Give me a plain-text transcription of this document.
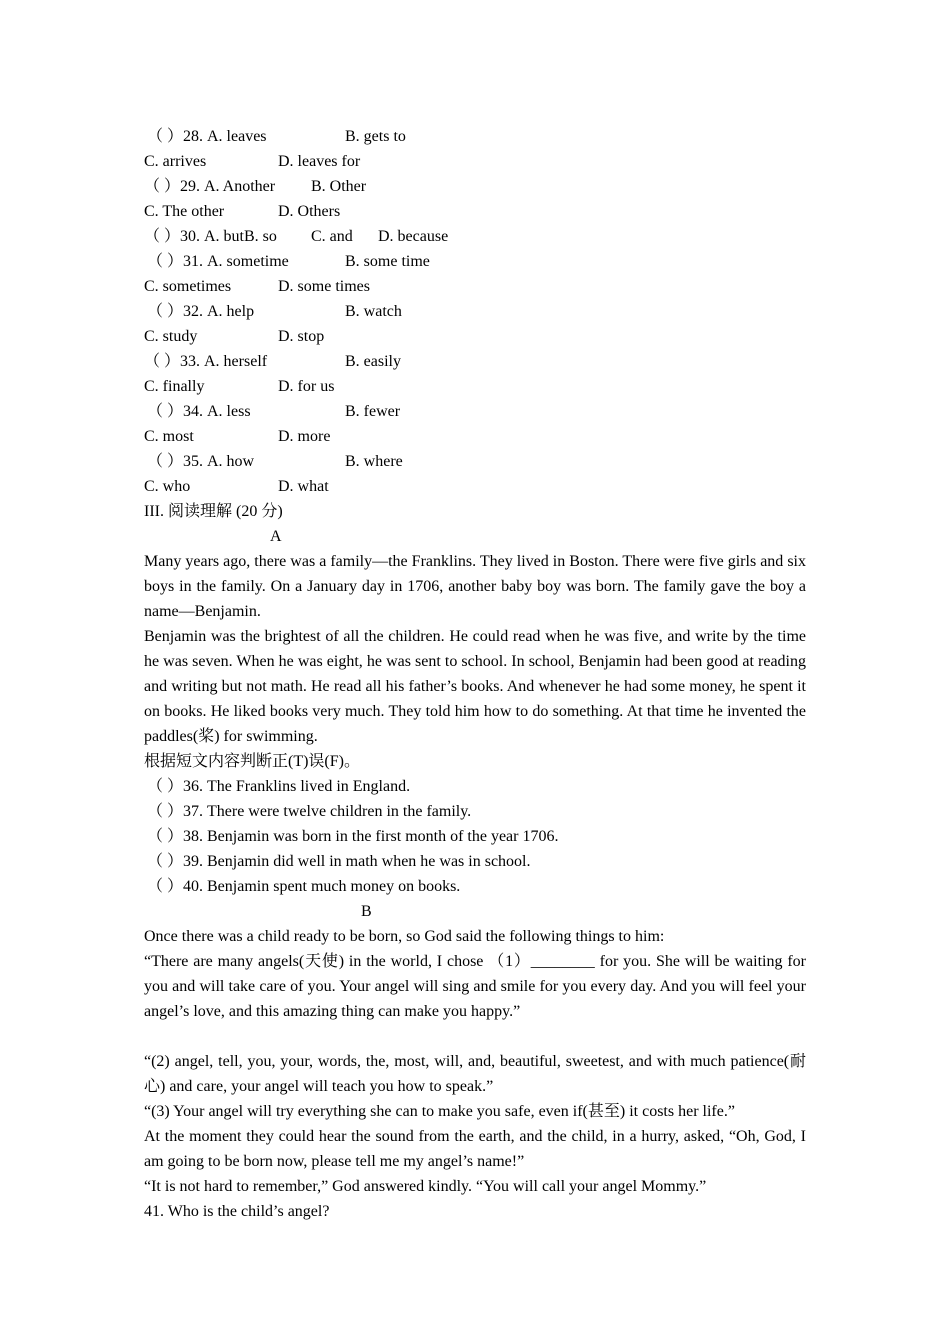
（ ）28. A. leaves	B. gets to
C. arrives	D. leaves for
（ ）29. A. Another B. Other
C. The other	D. Others
（ ）30. A. but B. so C. and D. because
（ ）31. A. sometime	B. some time
C. sometimes	D. some times
（ ）32. A. help	B. watch
C. study	D. stop
（ ）33. A. herself	B. easily
C. finally	D. for us
（ ）34. A. less	B. fewer
C. most	D. more
（ ）35. A. how	B. where
C. who	D. what
III. 阅读理解 (20 分)
A
Many years ago, there was a family—the Franklins. They lived in Boston. There were five girls and six boys in the family. On a January day in 1706, another baby boy was born. The family gave the boy a name—Benjamin.
Benjamin was the brightest of all the children. He could read when he was five, and write by the time he was seven. When he was eight, he was sent to school. In school, Benjamin had been good at reading and writing but not math. He read all his father’s books. And whenever he had some money, he spent it on books. He liked books very much. They told him how to do something. At that time he invented the paddles(桨) for swimming.
根据短文内容判断正(T)误(F)。
（ ）36. The Franklins lived in England.
（ ）37. There were twelve children in the family.
（ ）38. Benjamin was born in the first month of the year 1706.
（ ）39. Benjamin did well in math when he was in school.
（ ）40. Benjamin spent much money on books.
B
Once there was a child ready to be born, so God said the following things to him:
“There are many angels(天使) in the world, I chose （1）________ for you. She will be waiting for you and will take care of you. Your angel will sing and smile for you every day. And you will feel your angel’s love, and this amazing thing can make you happy.”
“(2) angel, tell, you, your, words, the, most, will, and, beautiful, sweetest, and with much patience(耐心) and care, your angel will teach you how to speak.”
“(3) Your angel will try everything she can to make you safe, even if(甚至) it costs her life.”
At the moment they could hear the sound from the earth, and the child, in a hurry, asked, “Oh, God, I am going to be born now, please tell me my angel’s name!”
“It is not hard to remember,” God answered kindly. “You will call your angel Mommy.”
41. Who is the child’s angel?
